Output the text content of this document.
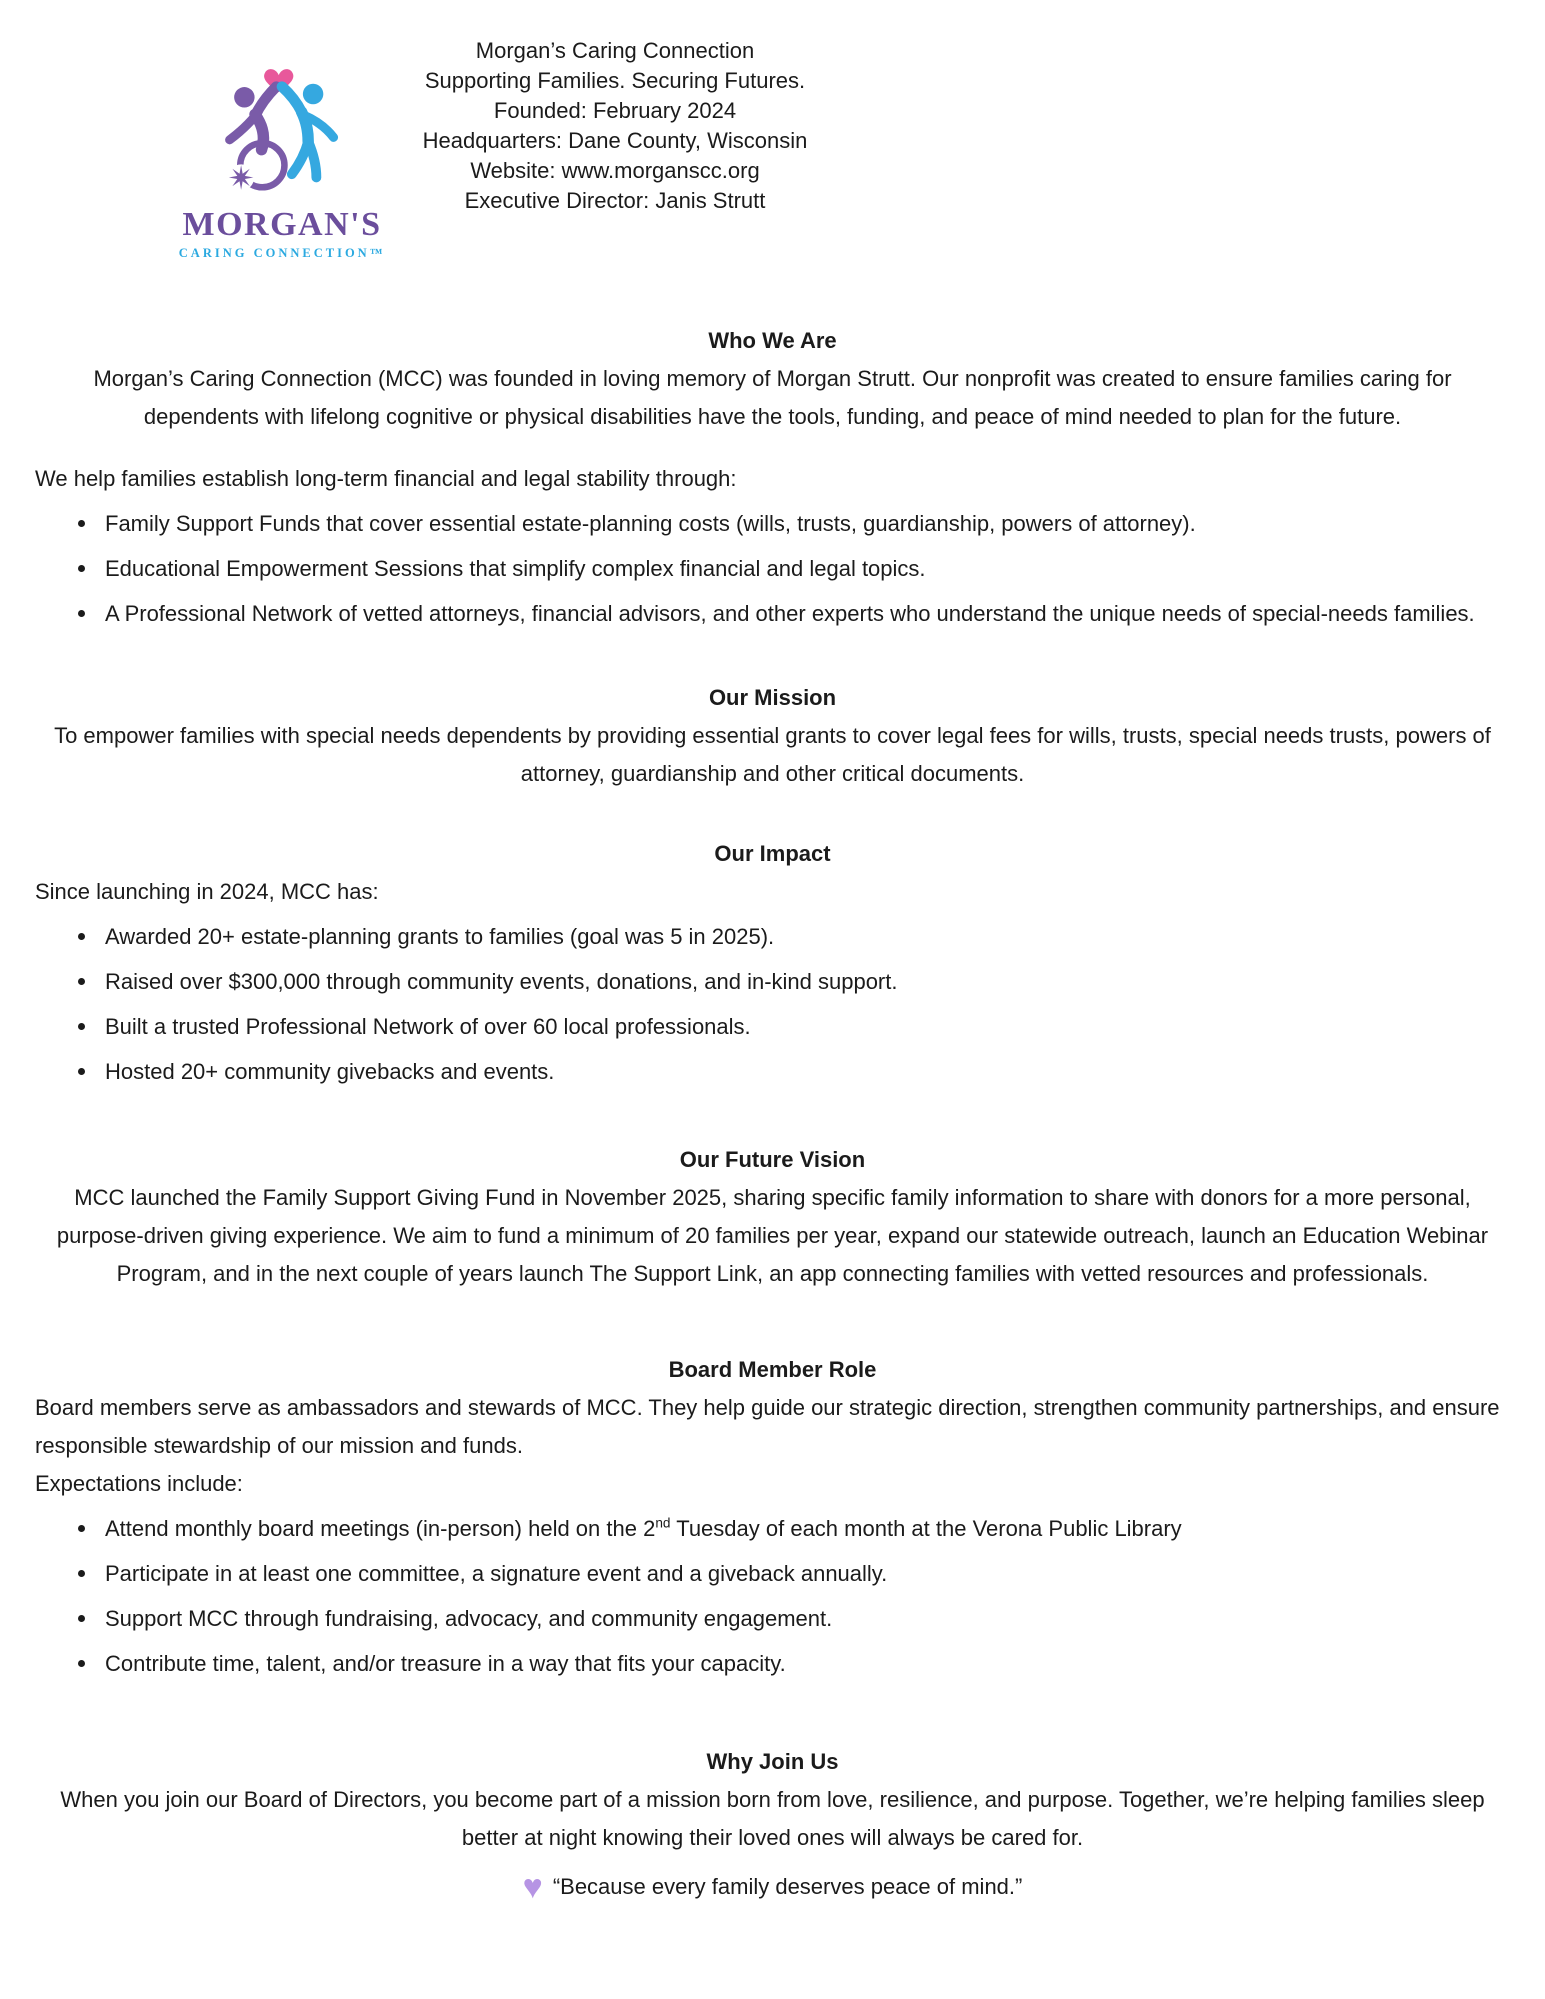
MORGAN'S
CARING CONNECTION™
Morgan’s Caring Connection
Supporting Families. Securing Futures.
Founded: February 2024
Headquarters: Dane County, Wisconsin
Website: www.morganscc.org
Executive Director: Janis Strutt
Who We Are

Morgan’s Caring Connection (MCC) was founded in loving memory of Morgan Strutt. Our nonprofit was created to ensure families caring for dependents with lifelong cognitive or physical disabilities have the tools, funding, and peace of mind needed to plan for the future.

We help families establish long-term financial and legal stability through:

Family Support Funds that cover essential estate-planning costs (wills, trusts, guardianship, powers of attorney).
Educational Empowerment Sessions that simplify complex financial and legal topics.
A Professional Network of vetted attorneys, financial advisors, and other experts who understand the unique needs of special-needs families.
Our Mission

To empower families with special needs dependents by providing essential grants to cover legal fees for wills, trusts, special needs trusts, powers of attorney, guardianship and other critical documents.

Our Impact

Since launching in 2024, MCC has:

Awarded 20+ estate-planning grants to families (goal was 5 in 2025).
Raised over $300,000 through community events, donations, and in-kind support.
Built a trusted Professional Network of over 60 local professionals.
Hosted 20+ community givebacks and events.
Our Future Vision

MCC launched the Family Support Giving Fund in November 2025, sharing specific family information to share with donors for a more personal, purpose-driven giving experience. We aim to fund a minimum of 20 families per year, expand our statewide outreach, launch an Education Webinar Program, and in the next couple of years launch The Support Link, an app connecting families with vetted resources and professionals.

Board Member Role

Board members serve as ambassadors and stewards of MCC. They help guide our strategic direction, strengthen community partnerships, and ensure responsible stewardship of our mission and funds.

Expectations include:

Attend monthly board meetings (in-person) held on the 2nd Tuesday of each month at the Verona Public Library
Participate in at least one committee, a signature event and a giveback annually.
Support MCC through fundraising, advocacy, and community engagement.
Contribute time, talent, and/or treasure in a way that fits your capacity.
Why Join Us

When you join our Board of Directors, you become part of a mission born from love, resilience, and purpose. Together, we’re helping families sleep better at night knowing their loved ones will always be cared for.

♥ “Because every family deserves peace of mind.”
